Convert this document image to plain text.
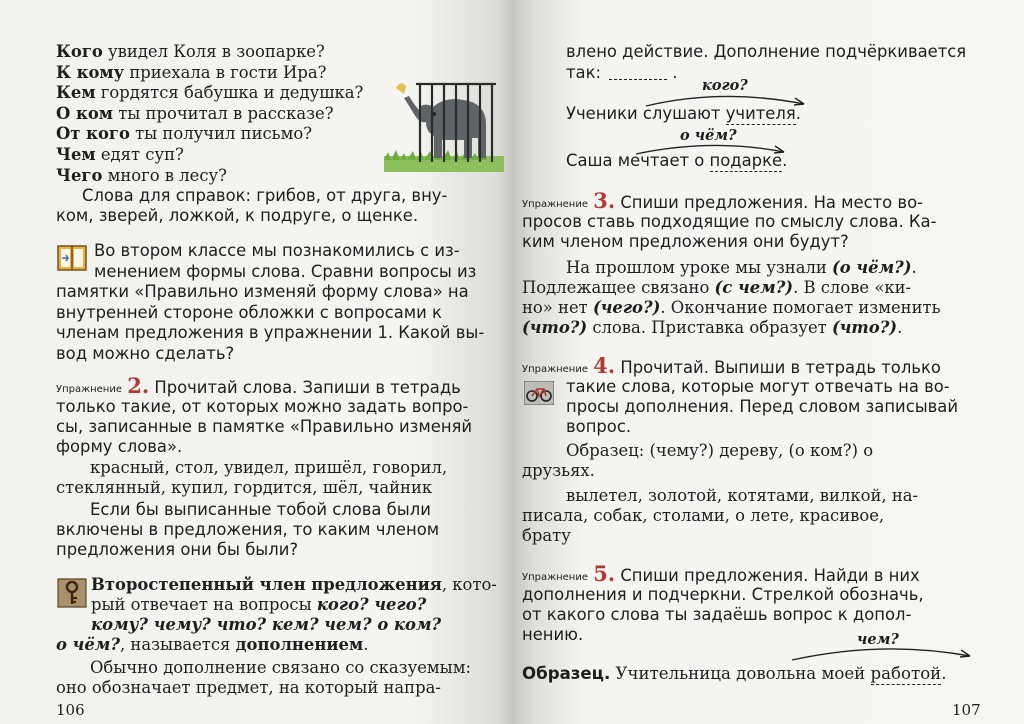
Кого увидел Коля в зоопарке?
К кому приехала в гости Ира?
Кем гордятся бабушка и дедушка?
О ком ты прочитал в рассказе?
От кого ты получил письмо?
Чем едят суп?
Чего много в лесу?
Слова для справок: грибов, от друга, вну-
ком, зверей, ложкой, к подруге, о щенке.
Во втором классе мы познакомились с из-
менением формы слова. Сравни вопросы из
памятки «Правильно изменяй форму слова» на
внутренней стороне обложки с вопросами к
членам предложения в упражнении 1. Какой вы-
вод можно сделать?
Упражнение 2. Прочитай слова. Запиши в тетрадь
только такие, от которых можно задать вопро-
сы, записанные в памятке «Правильно изменяй
форму слова».
красный, стол, увидел, пришёл, говорил,
стеклянный, купил, гордится, шёл, чайник
Если бы выписанные тобой слова были
включены в предложения, то каким членом
предложения они бы были?
Второстепенный член предложения, кото-
рый отвечает на вопросы кого? чего?
кому? чему? что? кем? чем? о ком?
о чём?, называется дополнением.
Обычно дополнение связано со сказуемым:
оно обозначает предмет, на который напра-
106
влено действие. Дополнение подчёркивается
так:	.
кого?
Ученики слушают учителя.
о чём?
Саша мечтает о подарке.
Упражнение 3. Спиши предложения. На место во-
просов ставь подходящие по смыслу слова. Ка-
ким членом предложения они будут?
На прошлом уроке мы узнали (о чём?).
Подлежащее связано (с чем?). В слове «ки-
но» нет (чего?). Окончание помогает изменить
(что?) слова. Приставка образует (что?).
Упражнение 4. Прочитай. Выпиши в тетрадь только
такие слова, которые могут отвечать на во-
просы дополнения. Перед словом записывай
вопрос.
Образец: (чему?) дереву, (о ком?) о
друзьях.
вылетел, золотой, котятами, вилкой, на-
писала, собак, столами, о лете, красивое,
брату
Упражнение 5. Спиши предложения. Найди в них
дополнения и подчеркни. Стрелкой обозначь,
от какого слова ты задаёшь вопрос к допол-
нению.	чем?
Образец. Учительница довольна моей работой.
107
